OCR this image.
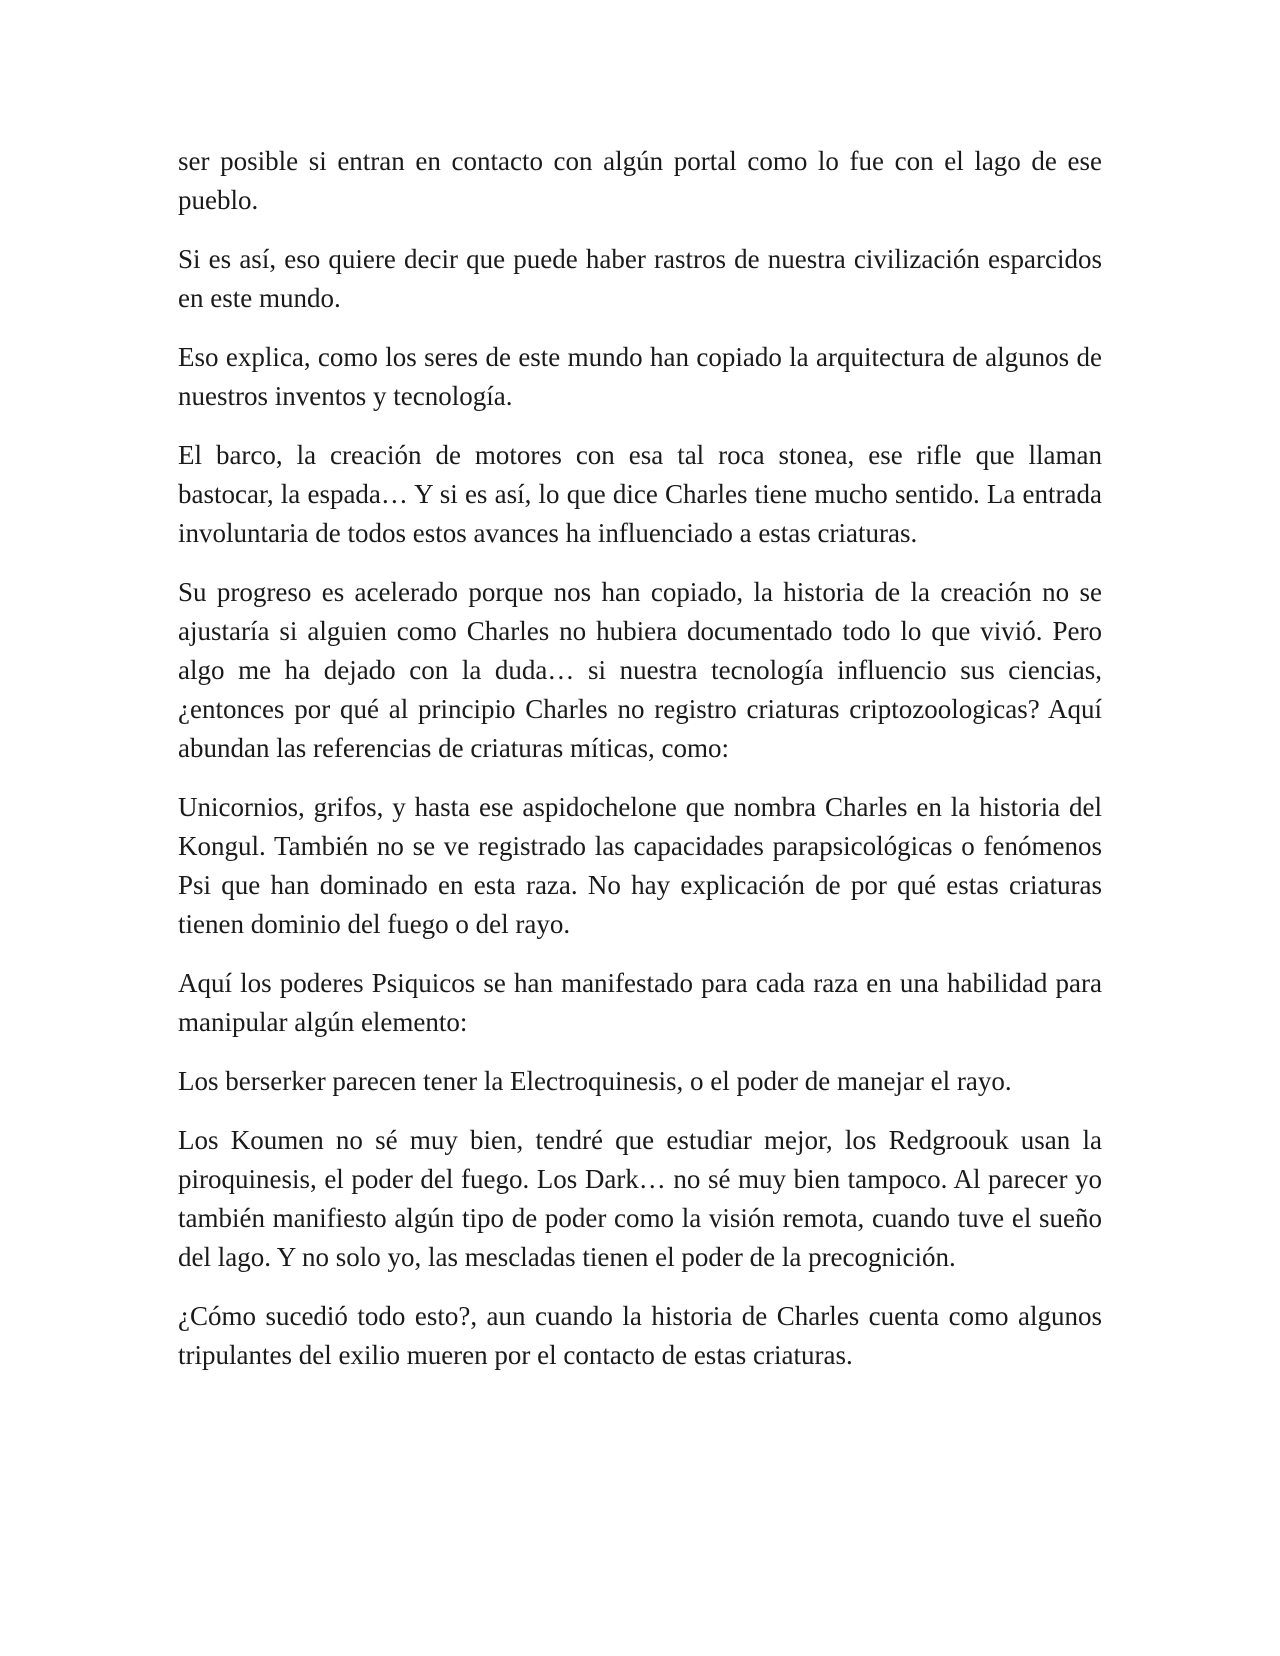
ser posible si entran en contacto con algún portal como lo fue con el lago de ese pueblo.

Si es así, eso quiere decir que puede haber rastros de nuestra civilización esparcidos en este mundo.

Eso explica, como los seres de este mundo han copiado la arquitectura de algunos de nuestros inventos y tecnología.

El barco, la creación de motores con esa tal roca stonea, ese rifle que llaman bastocar, la espada… Y si es así, lo que dice Charles tiene mucho sentido. La entrada involuntaria de todos estos avances ha influenciado a estas criaturas.

Su progreso es acelerado porque nos han copiado, la historia de la creación no se ajustaría si alguien como Charles no hubiera documentado todo lo que vivió. Pero algo me ha dejado con la duda… si nuestra tecnología influencio sus ciencias, ¿entonces por qué al principio Charles no registro criaturas criptozoologicas? Aquí abundan las referencias de criaturas míticas, como:

Unicornios, grifos, y hasta ese aspidochelone que nombra Charles en la historia del Kongul. También no se ve registrado las capacidades parapsicológicas o fenómenos Psi que han dominado en esta raza. No hay explicación de por qué estas criaturas tienen dominio del fuego o del rayo.

Aquí los poderes Psiquicos se han manifestado para cada raza en una habilidad para manipular algún elemento:

Los berserker parecen tener la Electroquinesis, o el poder de manejar el rayo.

Los Koumen no sé muy bien, tendré que estudiar mejor, los Redgroouk usan la piroquinesis, el poder del fuego. Los Dark… no sé muy bien tampoco. Al parecer yo también manifiesto algún tipo de poder como la visión remota, cuando tuve el sueño del lago. Y no solo yo, las mescladas tienen el poder de la precognición.

¿Cómo sucedió todo esto?, aun cuando la historia de Charles cuenta como algunos tripulantes del exilio mueren por el contacto de estas criaturas.
